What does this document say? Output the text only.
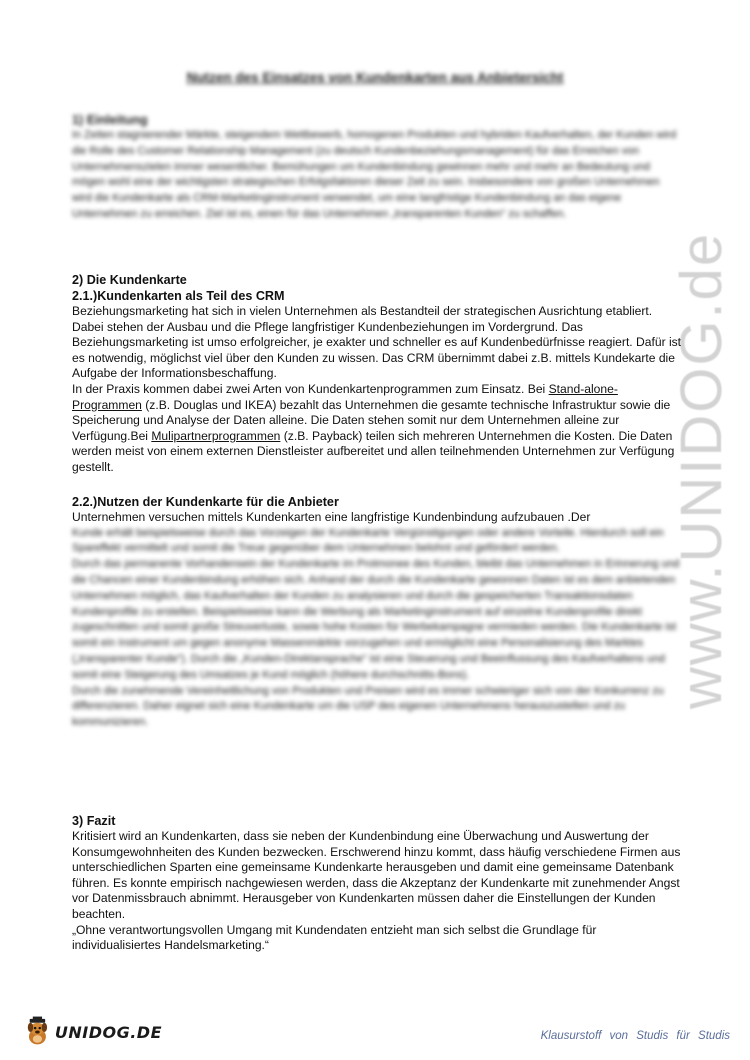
www.UNIDOG.de
Nutzen des Einsatzes von Kundenkarten aus Anbietersicht
1) Einleitung
In Zeiten stagnierender Märkte, steigendem Wettbewerb, homogenen Produkten und hybriden Kaufverhalten, der Kunden wird die Rolle des Customer Relationship Management (zu deutsch Kundenbeziehungsmanagement) für das Erreichen von Unternehmenszielen immer wesentlicher. Bemühungen um Kundenbindung gewinnen mehr und mehr an Bedeutung und mögen wohl eine der wichtigsten strategischen Erfolgsfaktoren dieser Zeit zu sein. Insbesondere von großen Unternehmen wird die Kundenkarte als CRM-Marketinginstrument verwendet, um eine langfristige Kundenbindung an das eigene Unternehmen zu erreichen. Ziel ist es, einen für das Unternehmen „transparenten Kunden“ zu schaffen.
2) Die Kundenkarte
2.1.)Kundenkarten als Teil des CRM

Beziehungsmarketing hat sich in vielen Unternehmen als Bestandteil der strategischen Ausrichtung etabliert. Dabei stehen der Ausbau und die Pflege langfristiger Kundenbeziehungen im Vordergrund. Das Beziehungsmarketing ist umso erfolgreicher, je exakter und schneller es auf Kundenbedürfnisse reagiert. Dafür ist es notwendig, möglichst viel über den Kunden zu wissen. Das CRM übernimmt dabei z.B. mittels Kundekarte die Aufgabe der Informationsbeschaffung.

In der Praxis kommen dabei zwei Arten von Kundenkartenprogrammen zum Einsatz. Bei Stand-alone-Programmen (z.B. Douglas und IKEA) bezahlt das Unternehmen die gesamte technische Infrastruktur sowie die Speicherung und Analyse der Daten alleine. Die Daten stehen somit nur dem Unternehmen alleine zur Verfügung.Bei Mulipartnerprogrammen (z.B. Payback) teilen sich mehreren Unternehmen die Kosten. Die Daten werden meist von einem externen Dienstleister aufbereitet und allen teilnehmenden Unternehmen zur Verfügung gestellt.

2.2.)Nutzen der Kundenkarte für die Anbieter
Unternehmen versuchen mittels Kundenkarten eine langfristige Kundenbindung aufzubauen .Der

Kunde erhält beispielsweise durch das Vorzeigen der Kundenkarte Vergünstigungen oder andere Vorteile. Hierdurch soll ein Spareffekt vermittelt und somit die Treue gegenüber dem Unternehmen belohnt und gefördert werden.

Durch das permanente Vorhandensein der Kundenkarte im Protmonee des Kunden, bleibt das Unternehmen in Erinnerung und die Chancen einer Kundenbindung erhöhen sich. Anhand der durch die Kundenkarte gewonnen Daten ist es dem anbietenden Unternehmen möglich, das Kaufverhalten der Kunden zu analysieren und durch die gespeicherten Transaktionsdaten Kundenprofile zu erstellen. Beispielsweise kann die Werbung als Marketinginstrument auf einzelne Kundenprofile direkt zugeschnitten und somit große Streuverluste, sowie hohe Kosten für Werbekampagne vermieden werden. Die Kundenkarte ist somit ein Instrument um gegen anonyme Massenmärkte vorzugehen und ermöglicht eine Personalisierung des Marktes („transparenter Kunde“). Durch die „Kunden-Direktansprache“ ist eine Steuerung und Beeinflussung des Kaufverhaltens und somit eine Steigerung des Umsatzes je Kund möglich (höhere durchschnitts-Bons).

Durch die zunehmende Vereinheitlichung von Produkten und Preisen wird es immer schwieriger sich von der Konkurrenz zu differenzieren. Daher eignet sich eine Kundenkarte um die USP des eigenen Unternehmens herauszustellen und zu kommunizieren.

3) Fazit

Kritisiert wird an Kundenkarten, dass sie neben der Kundenbindung eine Überwachung und Auswertung der Konsumgewohnheiten des Kunden bezwecken. Erschwerend hinzu kommt, dass häufig verschiedene Firmen aus unterschiedlichen Sparten eine gemeinsame Kundenkarte herausgeben und damit eine gemeinsame Datenbank führen. Es konnte empirisch nachgewiesen werden, dass die Akzeptanz der Kundenkarte mit zunehmender Angst vor Datenmissbrauch abnimmt. Herausgeber von Kundenkarten müssen daher die Einstellungen der Kunden beachten.

„Ohne verantwortungsvollen Umgang mit Kundendaten entzieht man sich selbst die Grundlage für individualisiertes Handelsmarketing.“

UNIDOG.DE	Klausurstoff von Studis für Studis
